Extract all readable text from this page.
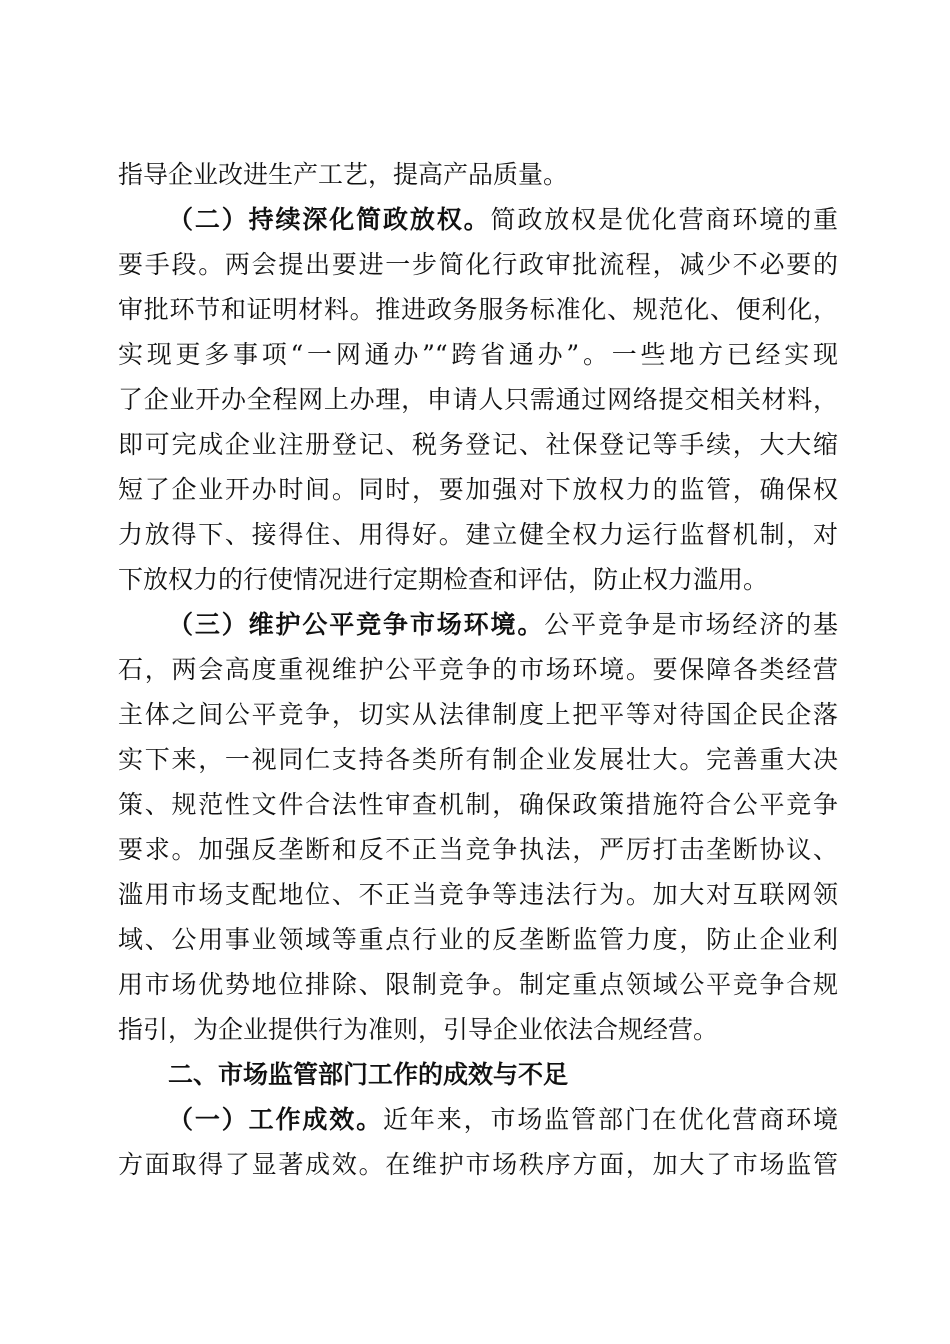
指导企业改进生产工艺，提高产品质量。
（二）持续深化简政放权。简政放权是优化营商环境的重
要手段。两会提出要进一步简化行政审批流程，减少不必要的
审批环节和证明材料。推进政务服务标准化、规范化、便利化，
实现更多事项“一网通办”“跨省通办”。一些地方已经实现
了企业开办全程网上办理，申请人只需通过网络提交相关材料，
即可完成企业注册登记、税务登记、社保登记等手续，大大缩
短了企业开办时间。同时，要加强对下放权力的监管，确保权
力放得下、接得住、用得好。建立健全权力运行监督机制，对
下放权力的行使情况进行定期检查和评估，防止权力滥用。
（三）维护公平竞争市场环境。公平竞争是市场经济的基
石，两会高度重视维护公平竞争的市场环境。要保障各类经营
主体之间公平竞争，切实从法律制度上把平等对待国企民企落
实下来，一视同仁支持各类所有制企业发展壮大。完善重大决
策、规范性文件合法性审查机制，确保政策措施符合公平竞争
要求。加强反垄断和反不正当竞争执法，严厉打击垄断协议、
滥用市场支配地位、不正当竞争等违法行为。加大对互联网领
域、公用事业领域等重点行业的反垄断监管力度，防止企业利
用市场优势地位排除、限制竞争。制定重点领域公平竞争合规
指引，为企业提供行为准则，引导企业依法合规经营。
二、市场监管部门工作的成效与不足
（一）工作成效。近年来，市场监管部门在优化营商环境
方面取得了显著成效。在维护市场秩序方面，加大了市场监管
